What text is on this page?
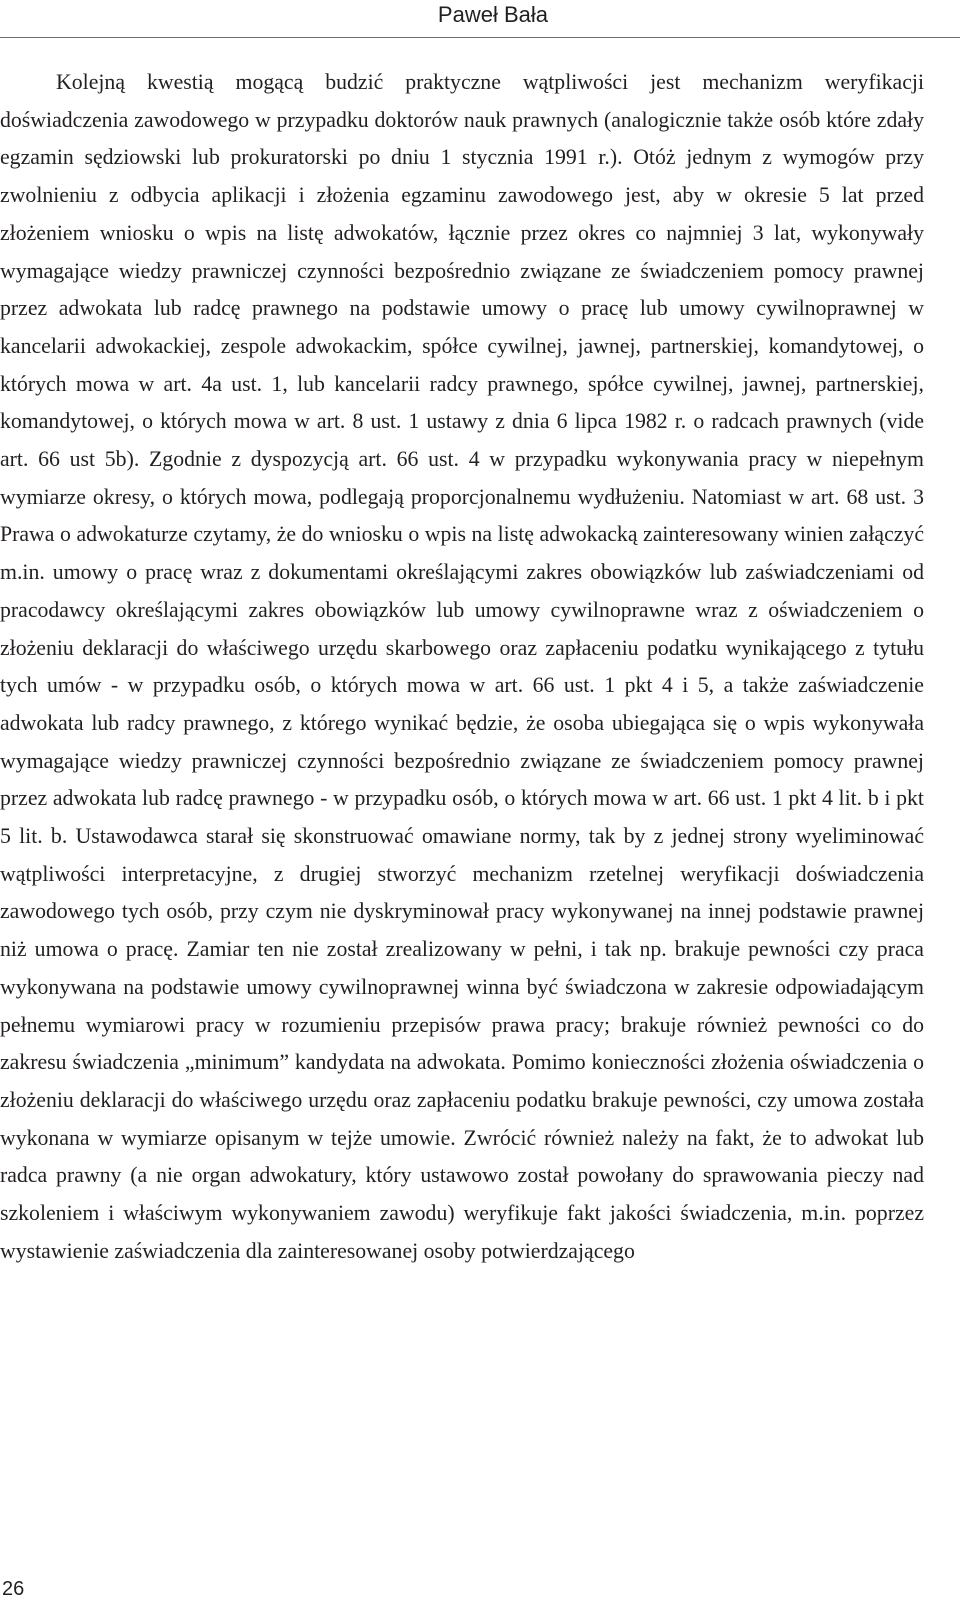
Paweł Bała

Kolejną kwestią mogącą budzić praktyczne wątpliwości jest mechanizm weryfikacji doświadczenia zawodowego w przypadku doktorów nauk prawnych (analogicznie także osób które zdały egzamin sędziowski lub prokuratorski po dniu 1 stycznia 1991 r.). Otóż jednym z wymogów przy zwolnieniu z odbycia aplikacji i złożenia egzaminu zawodowego jest, aby w okresie 5 lat przed złożeniem wniosku o wpis na listę adwokatów, łącznie przez okres co najmniej 3 lat, wykonywały wymagające wiedzy prawniczej czynności bezpośrednio związane ze świadczeniem pomocy prawnej przez adwokata lub radcę prawnego na podstawie umowy o pracę lub umowy cywilnoprawnej w kancelarii adwokackiej, zespole adwokackim, spółce cywilnej, jawnej, partnerskiej, komandytowej, o których mowa w art. 4a ust. 1, lub kancelarii radcy prawnego, spółce cywilnej, jawnej, partnerskiej, komandytowej, o których mowa w art. 8 ust. 1 ustawy z dnia 6 lipca 1982 r. o radcach prawnych (vide art. 66 ust 5b). Zgodnie z dyspozycją art. 66 ust. 4 w przypadku wykonywania pracy w niepełnym wymiarze okresy, o których mowa, podlegają proporcjonalnemu wydłużeniu. Natomiast w art. 68 ust. 3 Prawa o adwokaturze czytamy, że do wniosku o wpis na listę adwokacką zainteresowany winien załączyć m.in. umowy o pracę wraz z dokumentami określającymi zakres obowiązków lub zaświadczeniami od pracodawcy określającymi zakres obowiązków lub umowy cywilnoprawne wraz z oświadczeniem o złożeniu deklaracji do właściwego urzędu skarbowego oraz zapłaceniu podatku wynikającego z tytułu tych umów - w przypadku osób, o których mowa w art. 66 ust. 1 pkt 4 i 5, a także zaświadczenie adwokata lub radcy prawnego, z którego wynikać będzie, że osoba ubiegająca się o wpis wykonywała wymagające wiedzy prawniczej czynności bezpośrednio związane ze świadczeniem pomocy prawnej przez adwokata lub radcę prawnego - w przypadku osób, o których mowa w art. 66 ust. 1 pkt 4 lit. b i pkt 5 lit. b. Ustawodawca starał się skonstruować omawiane normy, tak by z jednej strony wyeliminować wątpliwości interpretacyjne, z drugiej stworzyć mechanizm rzetelnej weryfikacji doświadczenia zawodowego tych osób, przy czym nie dyskryminował pracy wykonywanej na innej podstawie prawnej niż umowa o pracę. Zamiar ten nie został zrealizowany w pełni, i tak np. brakuje pewności czy praca wykonywana na podstawie umowy cywilnoprawnej winna być świadczona w zakresie odpowiadającym pełnemu wymiarowi pracy w rozumieniu przepisów prawa pracy; brakuje również pewności co do zakresu świadczenia „minimum” kandydata na adwokata. Pomimo konieczności złożenia oświadczenia o złożeniu deklaracji do właściwego urzędu oraz zapłaceniu podatku brakuje pewności, czy umowa została wykonana w wymiarze opisanym w tejże umowie. Zwrócić również należy na fakt, że to adwokat lub radca prawny (a nie organ adwokatury, który ustawowo został powołany do sprawowania pieczy nad szkoleniem i właściwym wykonywaniem zawodu) weryfikuje fakt jakości świadczenia, m.in. poprzez wystawienie zaświadczenia dla zainteresowanej osoby potwierdzającego

26
